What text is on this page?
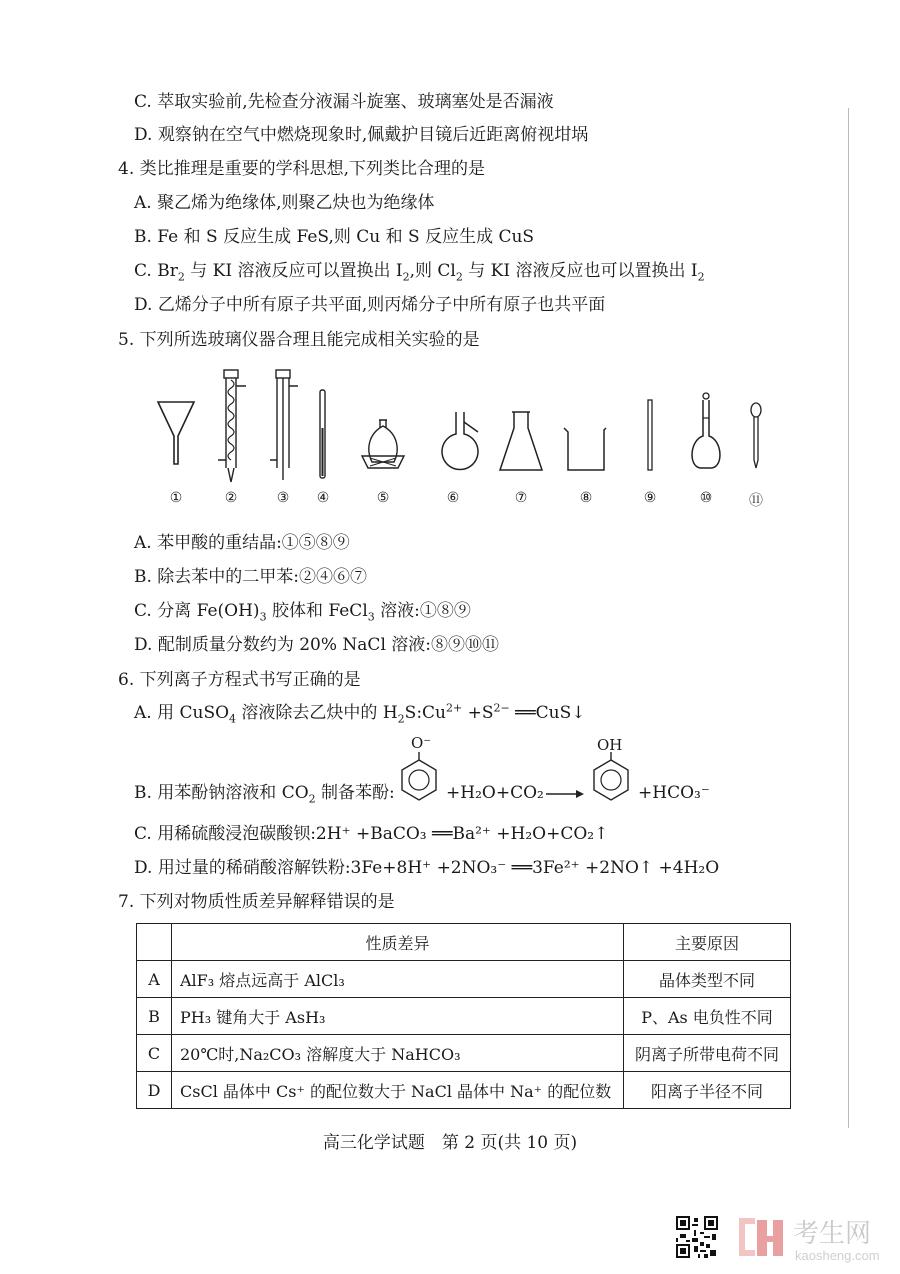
C. 萃取实验前,先检查分液漏斗旋塞、玻璃塞处是否漏液
D. 观察钠在空气中燃烧现象时,佩戴护目镜后近距离俯视坩埚
4. 类比推理是重要的学科思想,下列类比合理的是
A. 聚乙烯为绝缘体,则聚乙炔也为绝缘体
B. Fe 和 S 反应生成 FeS,则 Cu 和 S 反应生成 CuS
C. $Br_2$ 与 KI 溶液反应可以置换出 $I_2$,则 $Cl_2$ 与 KI 溶液反应也可以置换出 $I_2$
D. 乙烯分子中所有原子共平面,则丙烯分子中所有原子也共平面
5. 下列所选玻璃仪器合理且能完成相关实验的是
①	②	③	④	⑤	⑥	⑦	⑧	⑨	⑩	⑪
A. 苯甲酸的重结晶:①⑤⑧⑨
B. 除去苯中的二甲苯:②④⑥⑦
C. 分离 $Fe(OH)_3$ 胶体和 FeCl$_3$ 溶液:①⑧⑨
D. 配制质量分数约为 20% NaCl 溶液:⑧⑨⑩⑪
6. 下列离子方程式书写正确的是
A. 用 CuSO$_4$ 溶液除去乙炔中的 $H_2S:Cu^{2+} +S^{2-}$ ══CuS↓
B. 用苯酚钠溶液和 $CO_2$ 制备苯酚:
O⁻
+H₂O+CO₂ →
OH
+HCO₃⁻
C. 用稀硫酸浸泡碳酸钡:2H⁺ +BaCO₃ ══Ba²⁺ +H₂O+CO₂↑
D. 用过量的稀硝酸溶解铁粉:3Fe+8H⁺ +2NO₃⁻ ══3Fe²⁺ +2NO↑ +4H₂O
7. 下列对物质性质差异解释错误的是
	性质差异	主要原因
A	AlF₃ 熔点远高于 AlCl₃	晶体类型不同
B	PH₃ 键角大于 AsH₃	P、As 电负性不同
C	20℃时,Na₂CO₃ 溶解度大于 NaHCO₃	阴离子所带电荷不同
D	CsCl 晶体中 Cs⁺ 的配位数大于 NaCl 晶体中 Na⁺ 的配位数	阳离子半径不同
高三化学试题　第 2 页(共 10 页)
考生网
kaosheng.com
